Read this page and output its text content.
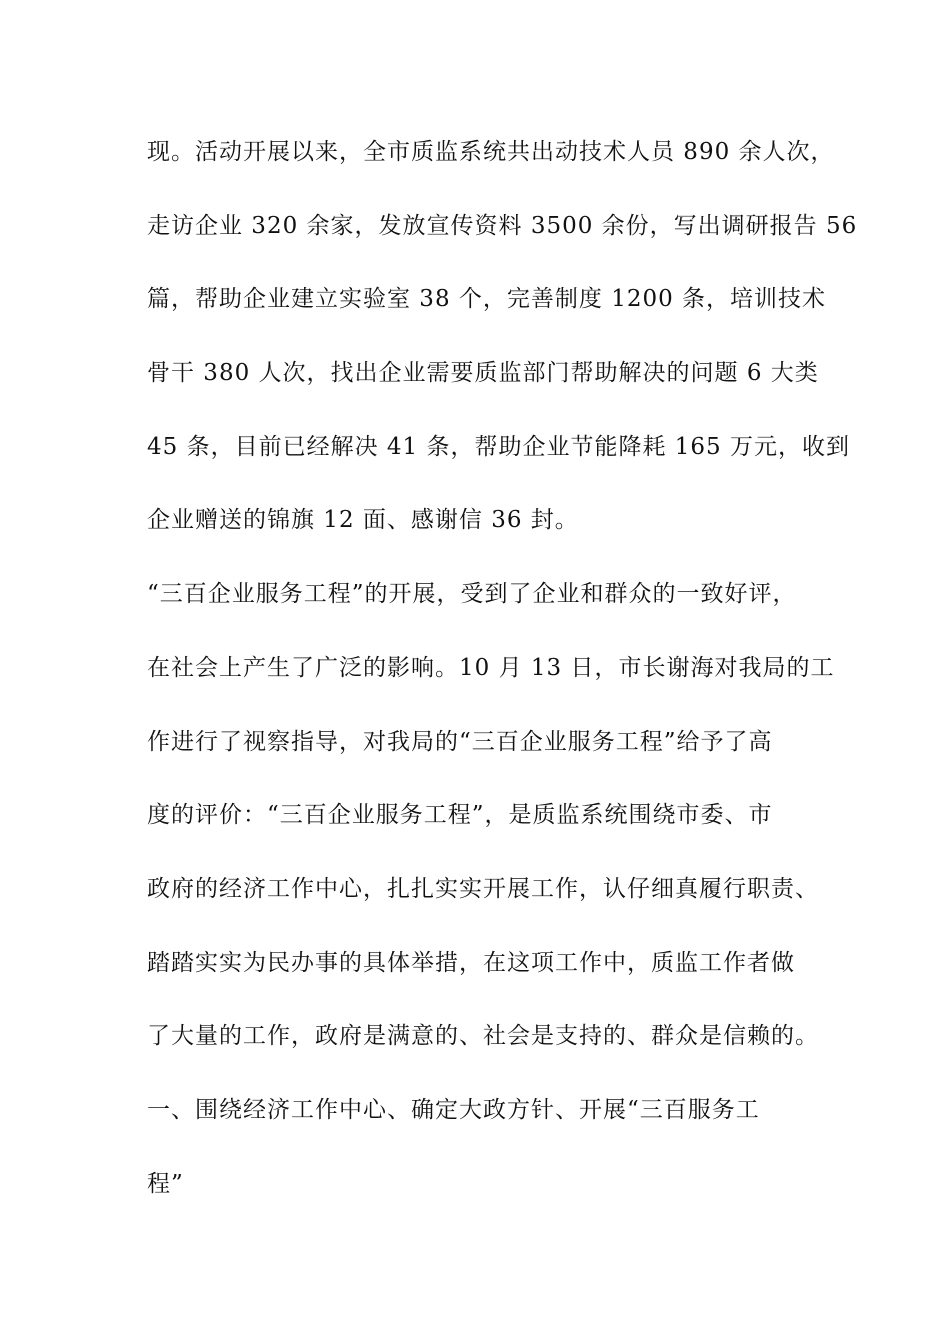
现。活动开展以来，全市质监系统共出动技术人员 890 余人次，
走访企业 320 余家，发放宣传资料 3500 余份，写出调研报告 56
篇，帮助企业建立实验室 38 个，完善制度 1200 条，培训技术
骨干 380 人次，找出企业需要质监部门帮助解决的问题 6 大类
45 条，目前已经解决 41 条，帮助企业节能降耗 165 万元，收到
企业赠送的锦旗 12 面、感谢信 36 封。
“三百企业服务工程”的开展，受到了企业和群众的一致好评，
在社会上产生了广泛的影响。10 月 13 日，市长谢海对我局的工
作进行了视察指导，对我局的“三百企业服务工程”给予了高
度的评价：“三百企业服务工程”，是质监系统围绕市委、市
政府的经济工作中心，扎扎实实开展工作，认仔细真履行职责、
踏踏实实为民办事的具体举措，在这项工作中，质监工作者做
了大量的工作，政府是满意的、社会是支持的、群众是信赖的。
一、围绕经济工作中心、确定大政方针、开展“三百服务工
程”
